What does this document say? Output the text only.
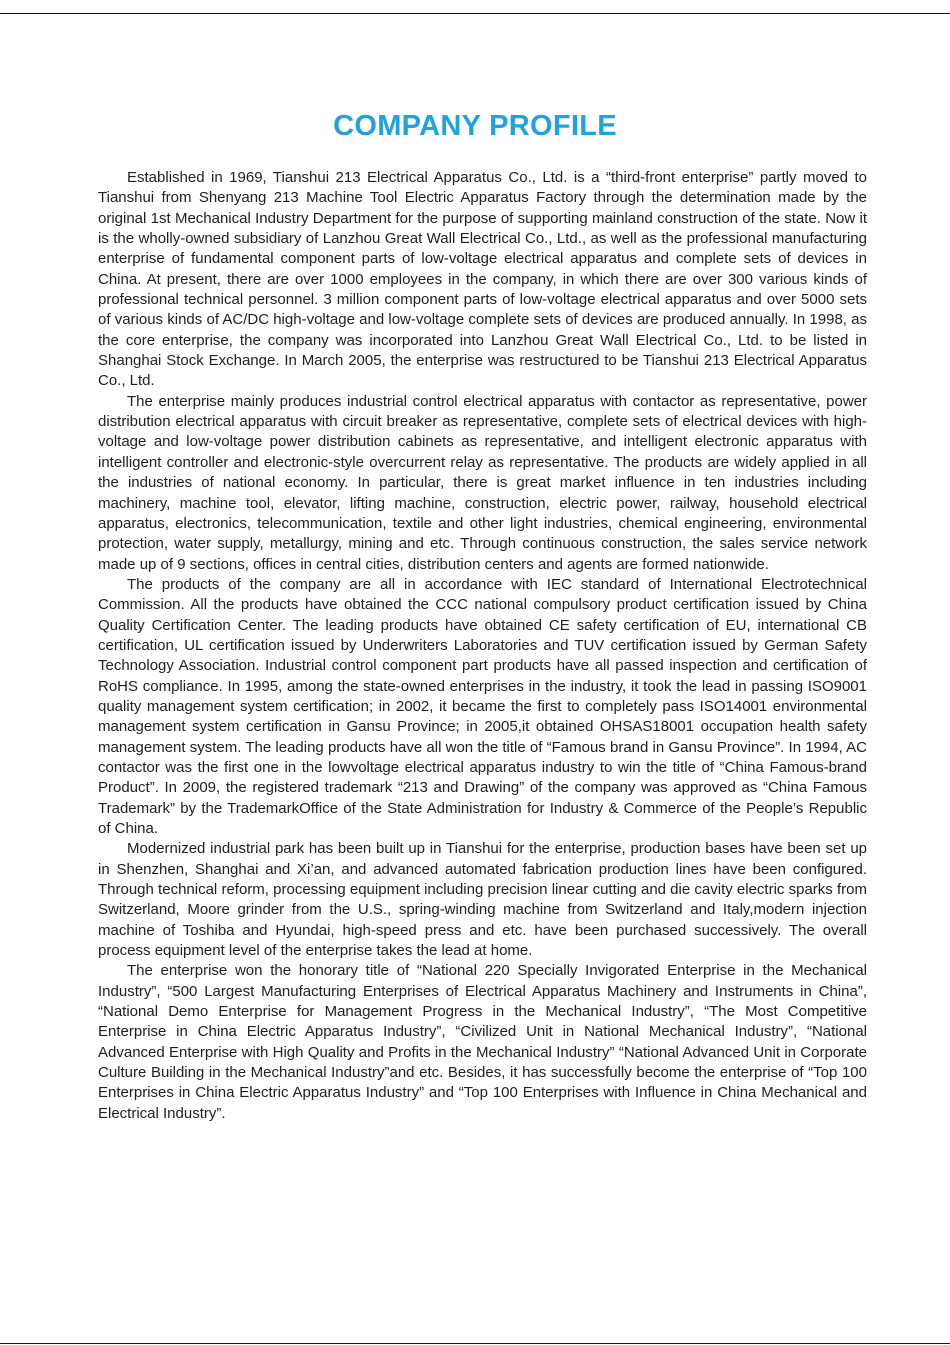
COMPANY PROFILE

Established in 1969, Tianshui 213 Electrical Apparatus Co., Ltd. is a “third-front enterprise” partly moved to Tianshui from Shenyang 213 Machine Tool Electric Apparatus Factory through the determination made by the original 1st Mechanical Industry Department for the purpose of supporting mainland construction of the state. Now it is the wholly-owned subsidiary of Lanzhou Great Wall Electrical Co., Ltd., as well as the professional manufacturing enterprise of fundamental component parts of low-voltage electrical apparatus and complete sets of devices in China. At present, there are over 1000 employees in the company, in which there are over 300 various kinds of professional technical personnel. 3 million component parts of low-voltage electrical apparatus and over 5000 sets of various kinds of AC/DC high-voltage and low-voltage complete sets of devices are produced annually. In 1998, as the core enterprise, the company was incorporated into Lanzhou Great Wall Electrical Co., Ltd. to be listed in Shanghai Stock Exchange. In March 2005, the enterprise was restructured to be Tianshui 213 Electrical Apparatus Co., Ltd.

The enterprise mainly produces industrial control electrical apparatus with contactor as representative, power distribution electrical apparatus with circuit breaker as representative, complete sets of electrical devices with high-voltage and low-voltage power distribution cabinets as representative, and intelligent electronic apparatus with intelligent controller and electronic-style overcurrent relay as representative. The products are widely applied in all the industries of national economy. In particular, there is great market influence in ten industries including machinery, machine tool, elevator, lifting machine, construction, electric power, railway, household electrical apparatus, electronics, telecommunication, textile and other light industries, chemical engineering, environmental protection, water supply, metallurgy, mining and etc. Through continuous construction, the sales service network made up of 9 sections, offices in central cities, distribution centers and agents are formed nationwide.

The products of the company are all in accordance with IEC standard of International Electrotechnical Commission. All the products have obtained the CCC national compulsory product certification issued by China Quality Certification Center. The leading products have obtained CE safety certification of EU, international CB certification, UL certification issued by Underwriters Laboratories and TUV certification issued by German Safety Technology Association. Industrial control component part products have all passed inspection and certification of RoHS compliance. In 1995, among the state-owned enterprises in the industry, it took the lead in passing ISO9001 quality management system certification; in 2002, it became the first to completely pass ISO14001 environmental management system certification in Gansu Province; in 2005,it obtained OHSAS18001 occupation health safety management system. The leading products have all won the title of “Famous brand in Gansu Province”. In 1994, AC contactor was the first one in the lowvoltage electrical apparatus industry to win the title of “China Famous-brand Product”. In 2009, the registered trademark “213 and Drawing” of the company was approved as “China Famous Trademark” by the TrademarkOffice of the State Administration for Industry & Commerce of the People’s Republic of China.

Modernized industrial park has been built up in Tianshui for the enterprise, production bases have been set up in Shenzhen, Shanghai and Xi’an, and advanced automated fabrication production lines have been configured. Through technical reform, processing equipment including precision linear cutting and die cavity electric sparks from Switzerland, Moore grinder from the U.S., spring-winding machine from Switzerland and Italy,modern injection machine of Toshiba and Hyundai, high-speed press and etc. have been purchased successively. The overall process equipment level of the enterprise takes the lead at home.

The enterprise won the honorary title of “National 220 Specially Invigorated Enterprise in the Mechanical Industry”, “500 Largest Manufacturing Enterprises of Electrical Apparatus Machinery and Instruments in China”, “National Demo Enterprise for Management Progress in the Mechanical Industry”, “The Most Competitive Enterprise in China Electric Apparatus Industry”, “Civilized Unit in National Mechanical Industry”, “National Advanced Enterprise with High Quality and Profits in the Mechanical Industry” “National Advanced Unit in Corporate Culture Building in the Mechanical Industry”and etc. Besides, it has successfully become the enterprise of “Top 100 Enterprises in China Electric Apparatus Industry” and “Top 100 Enterprises with Influence in China Mechanical and Electrical Industry”.
